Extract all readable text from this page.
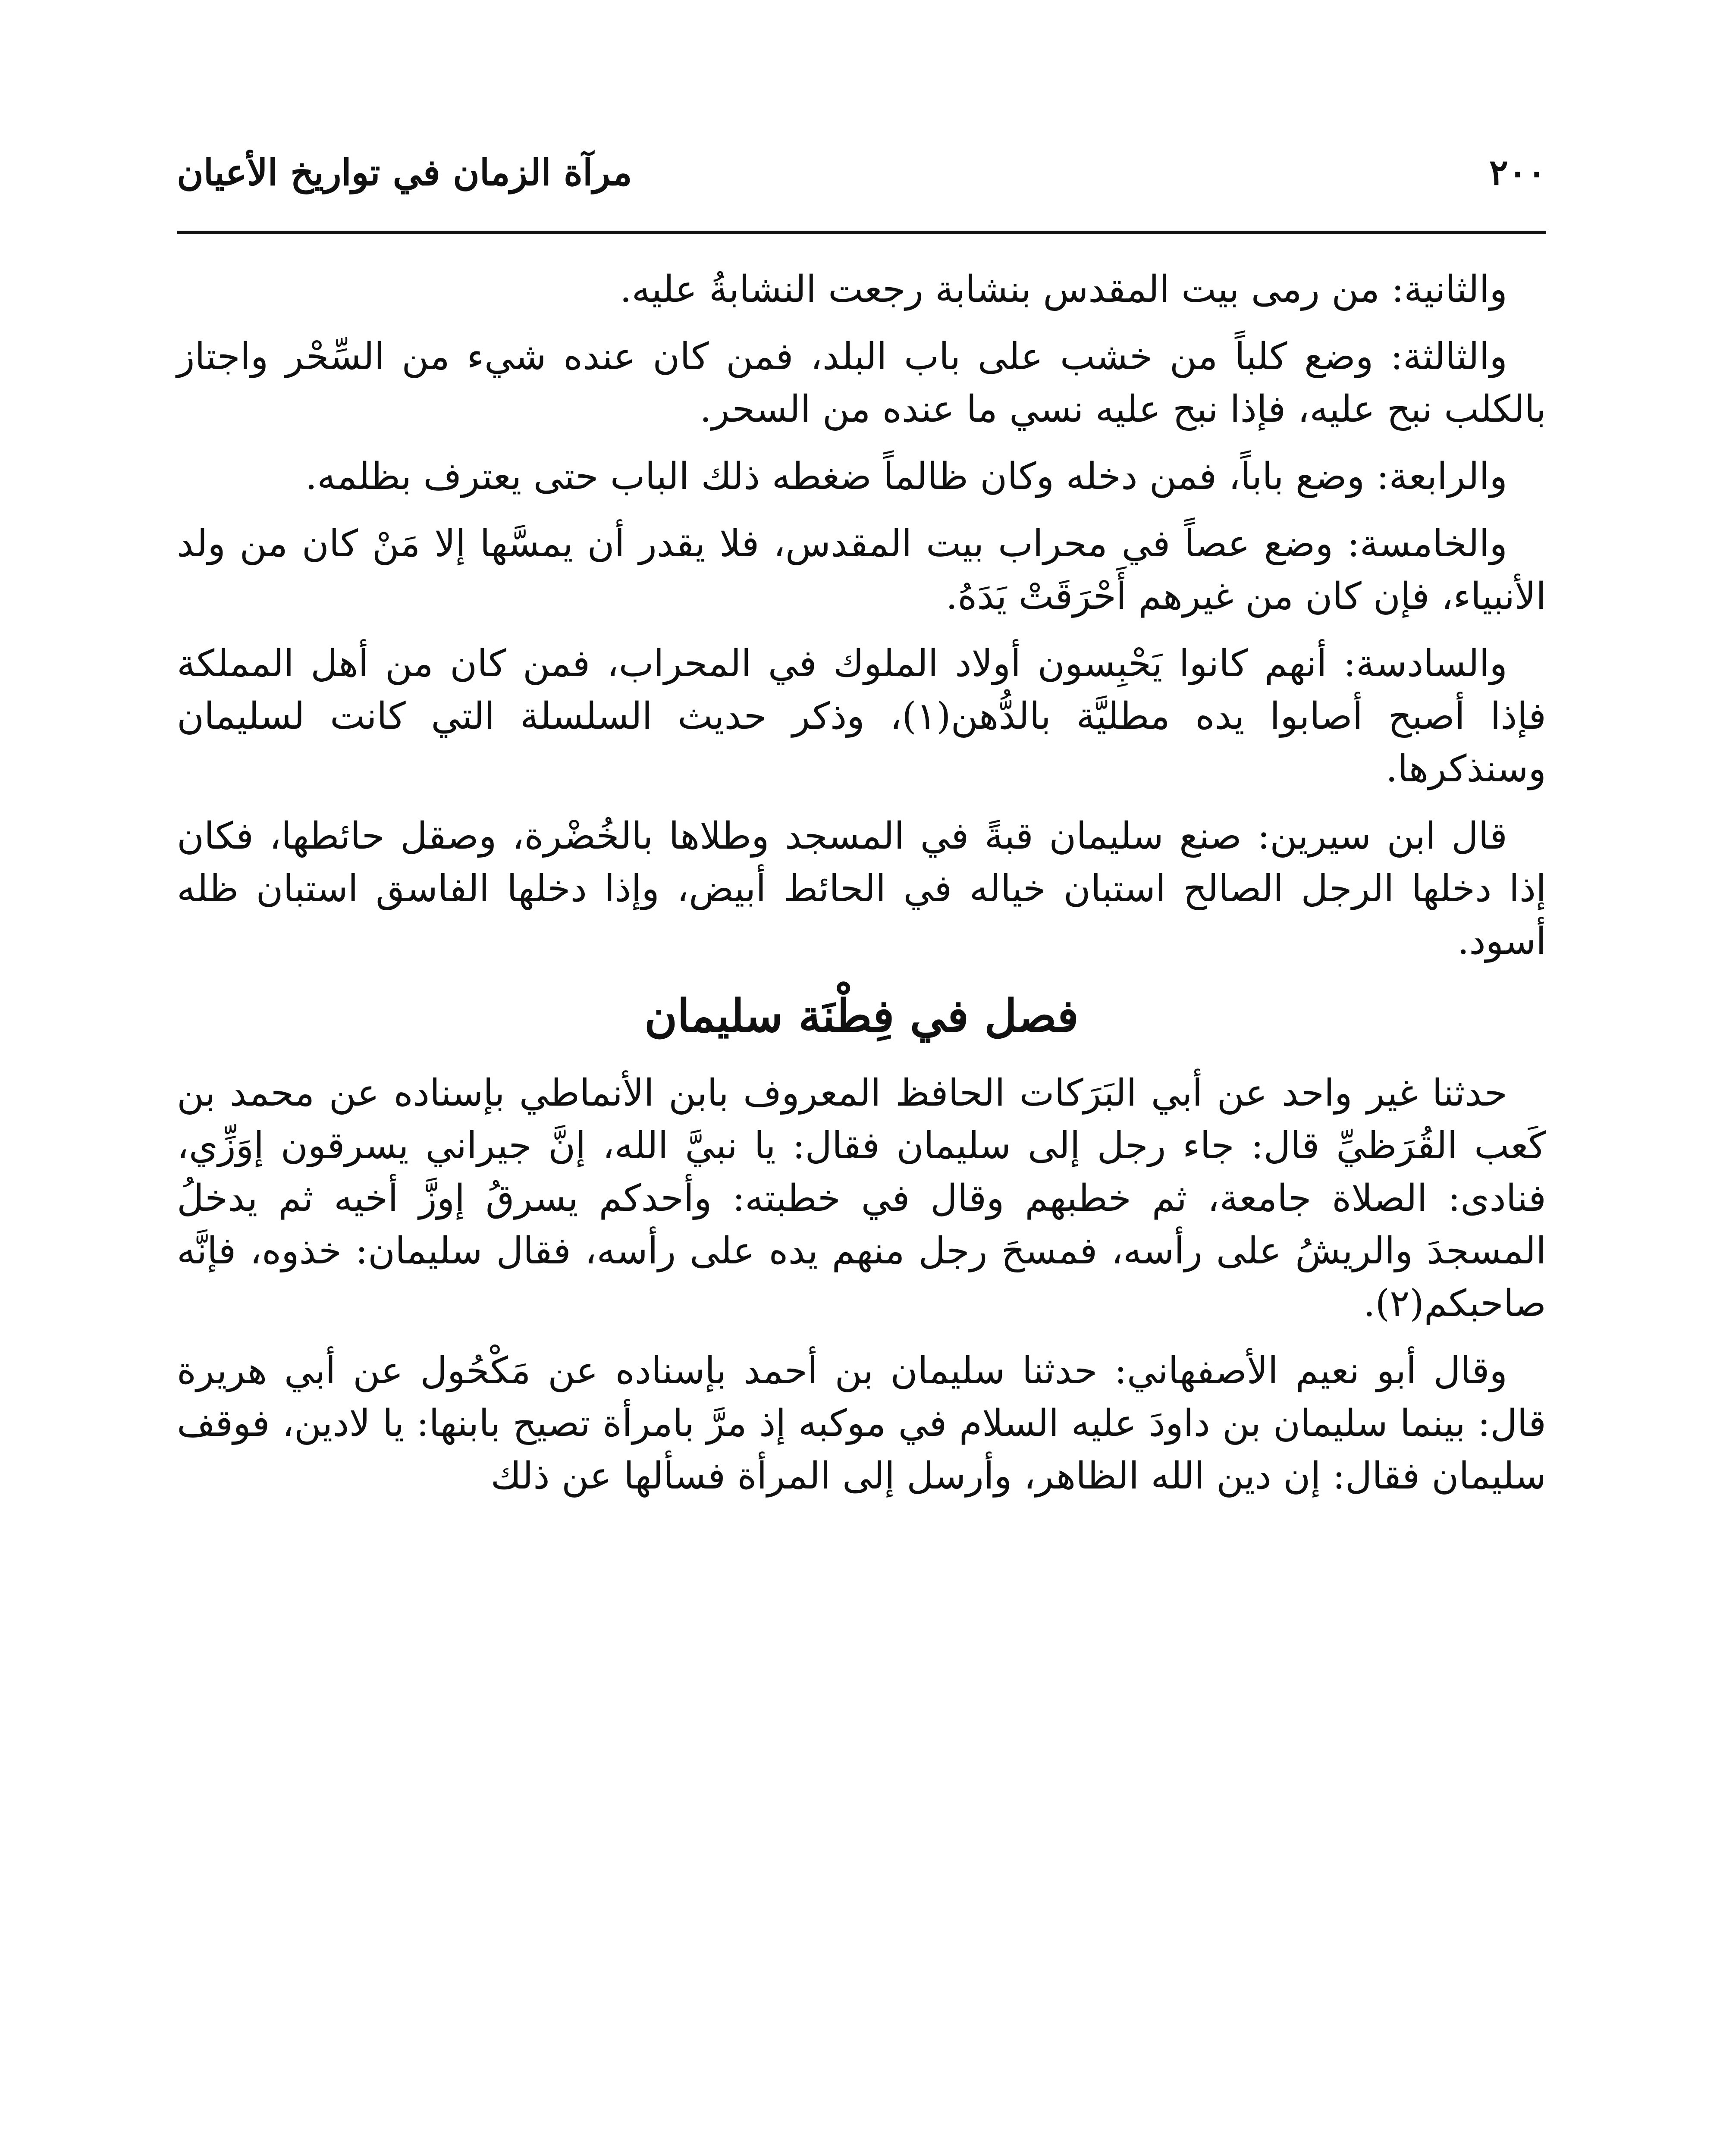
٢٠٠
مرآة الزمان في تواريخ الأعيان

والثانية: من رمى بيت المقدس بنشابة رجعت النشابةُ عليه.

والثالثة: وضع كلباً من خشب على باب البلد، فمن كان عنده شيء من السِّحْر واجتاز بالكلب نبح عليه، فإذا نبح عليه نسي ما عنده من السحر.

والرابعة: وضع باباً، فمن دخله وكان ظالماً ضغطه ذلك الباب حتى يعترف بظلمه.

والخامسة: وضع عصاً في محراب بيت المقدس، فلا يقدر أن يمسَّها إلا مَنْ كان من ولد الأنبياء، فإن كان من غيرهم أَحْرَقَتْ يَدَهُ.

والسادسة: أنهم كانوا يَحْبِسون أولاد الملوك في المحراب، فمن كان من أهل المملكة فإذا أصبح أصابوا يده مطليَّة بالدُّهن(١)، وذكر حديث السلسلة التي كانت لسليمان وسنذكرها.

قال ابن سيرين: صنع سليمان قبةً في المسجد وطلاها بالخُضْرة، وصقل حائطها، فكان إذا دخلها الرجل الصالح استبان خياله في الحائط أبيض، وإذا دخلها الفاسق استبان ظله أسود.

فصل في فِطْنَة سليمان

حدثنا غير واحد عن أبي البَرَكات الحافظ المعروف بابن الأنماطي بإسناده عن محمد بن كَعب القُرَظيِّ قال: جاء رجل إلى سليمان فقال: يا نبيَّ الله، إنَّ جيراني يسرقون إوَزِّي، فنادى: الصلاة جامعة، ثم خطبهم وقال في خطبته: وأحدكم يسرقُ إوزَّ أخيه ثم يدخلُ المسجدَ والريشُ على رأسه، فمسحَ رجل منهم يده على رأسه، فقال سليمان: خذوه، فإنَّه صاحبكم(٢).

وقال أبو نعيم الأصفهاني: حدثنا سليمان بن أحمد بإسناده عن مَكْحُول عن أبي هريرة قال: بينما سليمان بن داودَ عليه السلام في موكبه إذ مرَّ بامرأة تصيح بابنها: يا لادين، فوقف سليمان فقال: إن دين الله الظاهر، وأرسل إلى المرأة فسألها عن ذلك
